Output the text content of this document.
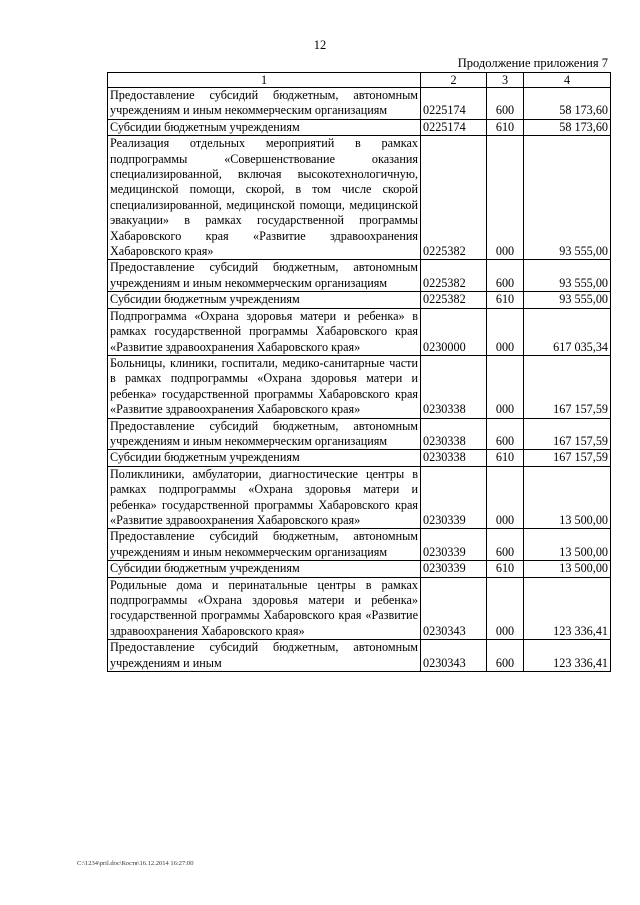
12
Продолжение приложения 7
1	2	3	4
Предоставление субсидий бюджетным, автономным учреждениям и иным некоммерческим организациям	0225174	600	58 173,60
Субсидии бюджетным учреждениям	0225174	610	58 173,60
Реализация отдельных мероприятий в рамках подпрограммы «Совершенствование оказания специализированной, включая высокотехнологичную, медицинской помощи, скорой, в том числе скорой специализированной, медицинской помощи, медицинской эвакуации» в рамках государственной программы Хабаровского края «Развитие здравоохранения Хабаровского края»	0225382	000	93 555,00
Предоставление субсидий бюджетным, автономным учреждениям и иным некоммерческим организациям	0225382	600	93 555,00
Субсидии бюджетным учреждениям	0225382	610	93 555,00
Подпрограмма «Охрана здоровья матери и ребенка» в рамках государственной программы Хабаровского края «Развитие здравоохранения Хабаровского края»	0230000	000	617 035,34
Больницы, клиники, госпитали, медико-санитарные части в рамках подпрограммы «Охрана здоровья матери и ребенка» государственной программы Хабаровского края «Развитие здравоохранения Хабаровского края»	0230338	000	167 157,59
Предоставление субсидий бюджетным, автономным учреждениям и иным некоммерческим организациям	0230338	600	167 157,59
Субсидии бюджетным учреждениям	0230338	610	167 157,59
Поликлиники, амбулатории, диагностические центры в рамках подпрограммы «Охрана здоровья матери и ребенка» государственной программы Хабаровского края «Развитие здравоохранения Хабаровского края»	0230339	000	13 500,00
Предоставление субсидий бюджетным, автономным учреждениям и иным некоммерческим организациям	0230339	600	13 500,00
Субсидии бюджетным учреждениям	0230339	610	13 500,00
Родильные дома и перинатальные центры в рамках подпрограммы «Охрана здоровья матери и ребенка» государственной программы Хабаровского края «Развитие здравоохранения Хабаровского края»	0230343	000	123 336,41
Предоставление субсидий бюджетным, автономным учреждениям и иным	0230343	600	123 336,41
C:\1234\pril.doc\Костя\16.12.2014 16:27:00
